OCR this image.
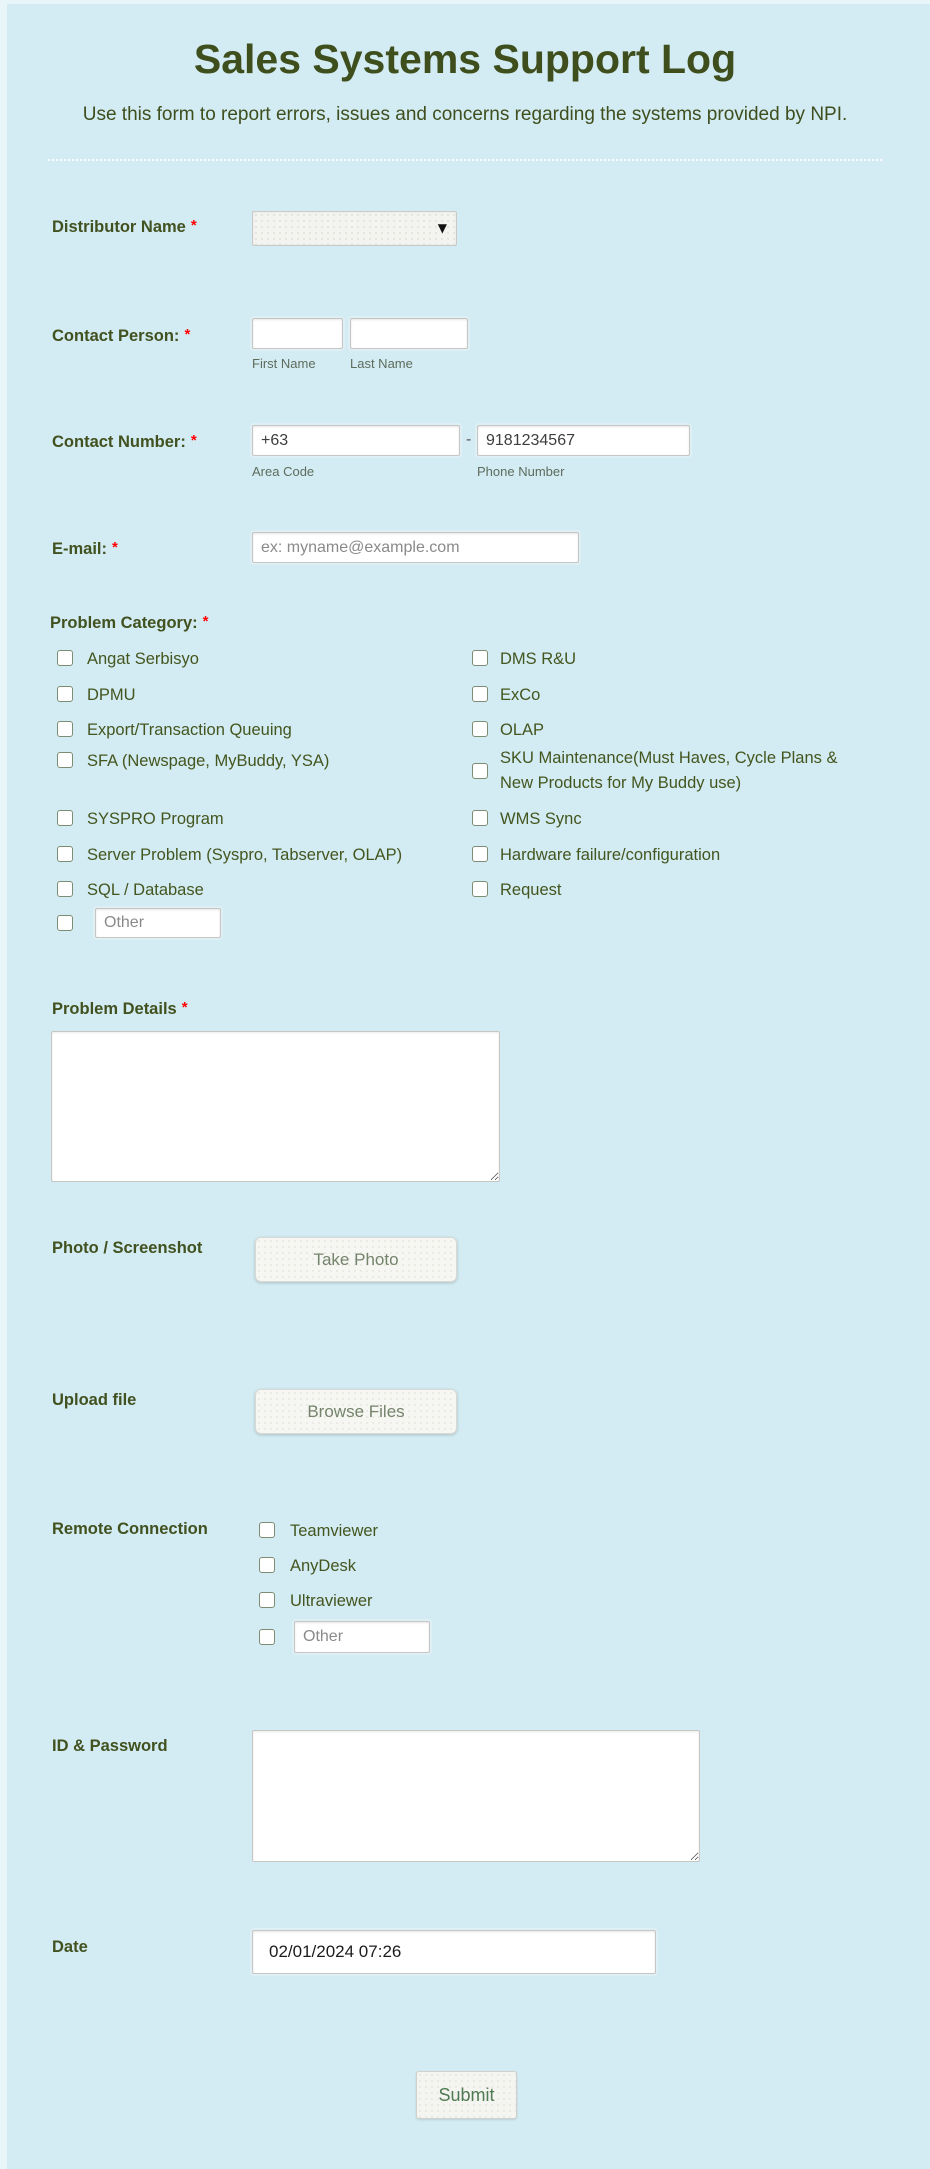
Sales Systems Support Log
Use this form to report errors, issues and concerns regarding the systems provided by NPI.
Distributor Name *	▼
Contact Person: *
First Name	Last Name
Contact Number: *
+63	-
9181234567
Area Code	Phone Number
E-mail: *
ex: myname@example.com
Problem Category: *
Angat Serbisyo
DPMU
Export/Transaction Queuing
SFA (Newspage, MyBuddy, YSA)
SYSPRO Program
Server Problem (Syspro, Tabserver, OLAP)
SQL / Database
Other
DMS R&U
ExCo
OLAP
SKU Maintenance(Must Haves, Cycle Plans & New Products for My Buddy use)
WMS Sync
Hardware failure/configuration
Request
Problem Details *
Photo / Screenshot
Take Photo
Upload file
Browse Files
Remote Connection	Teamviewer
AnyDesk
Ultraviewer
Other
ID & Password
Date
02/01/2024 07:26
Submit
